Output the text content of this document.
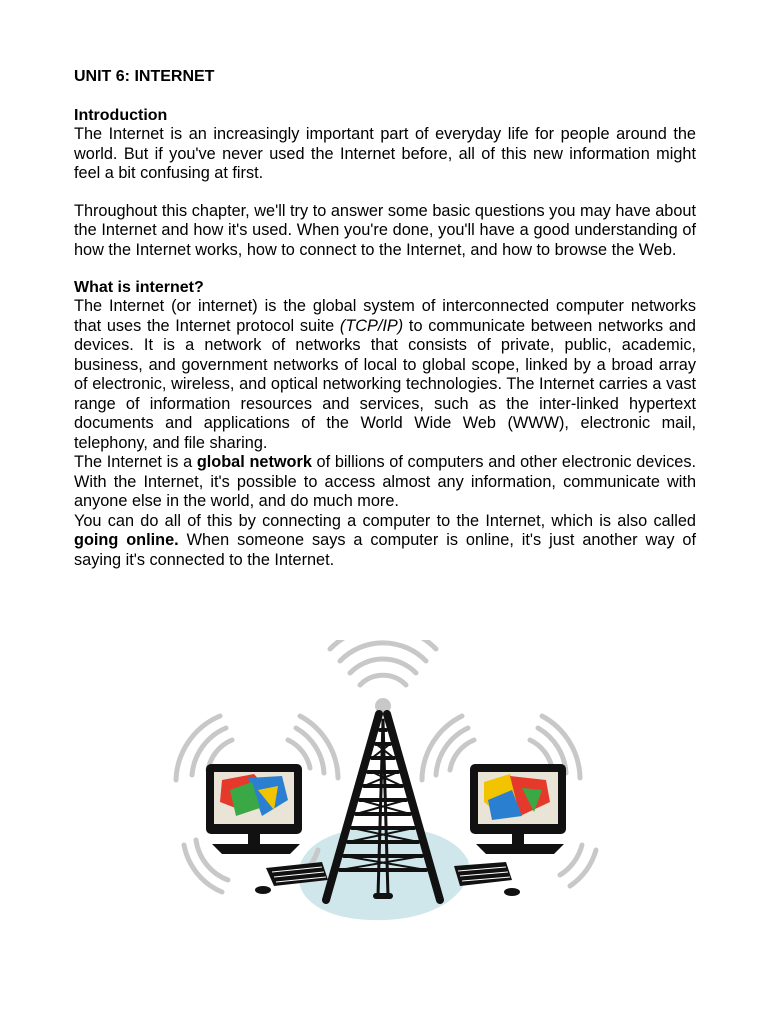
UNIT 6: INTERNET
Introduction

The Internet is an increasingly important part of everyday life for people around the world. But if you've never used the Internet before, all of this new information might feel a bit confusing at first.

Throughout this chapter, we'll try to answer some basic questions you may have about the Internet and how it's used. When you're done, you'll have a good understanding of how the Internet works, how to connect to the Internet, and how to browse the Web.

What is internet?

The Internet (or internet) is the global system of interconnected computer networks that uses the Internet protocol suite (TCP/IP) to communicate between networks and devices. It is a network of networks that consists of private, public, academic, business, and government networks of local to global scope, linked by a broad array of electronic, wireless, and optical networking technologies. The Internet carries a vast range of information resources and services, such as the inter-linked hypertext documents and applications of the World Wide Web (WWW), electronic mail, telephony, and file sharing.

The Internet is a global network of billions of computers and other electronic devices. With the Internet, it's possible to access almost any information, communicate with anyone else in the world, and do much more.

You can do all of this by connecting a computer to the Internet, which is also called going online. When someone says a computer is online, it's just another way of saying it's connected to the Internet.
